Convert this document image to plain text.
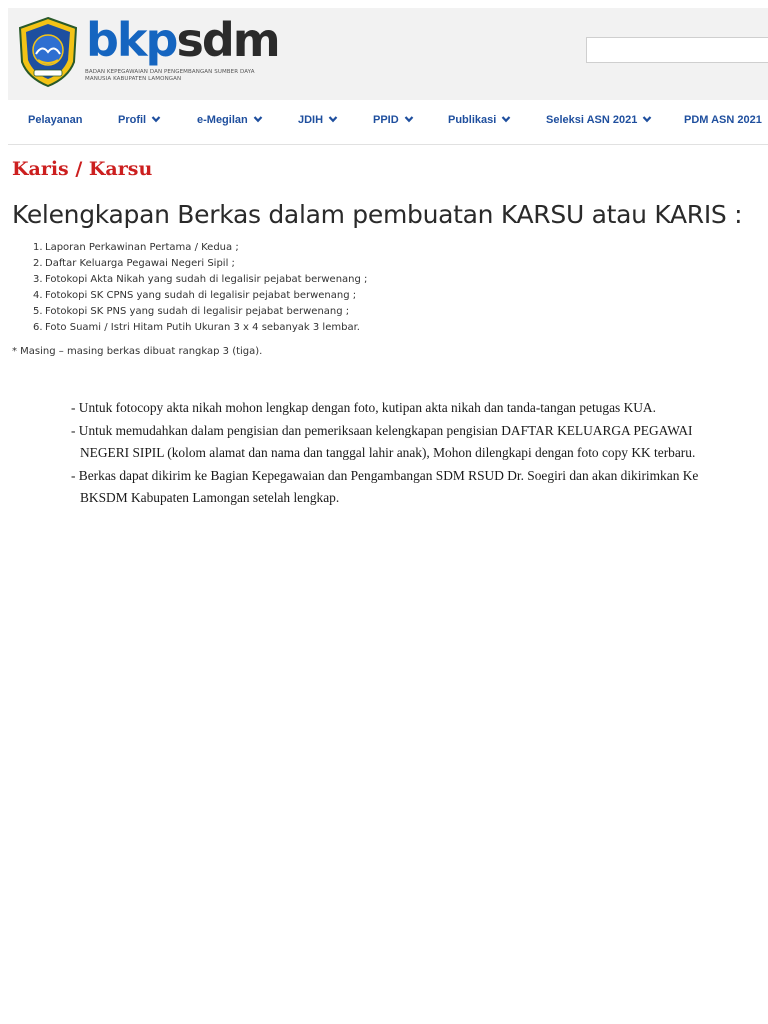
bkpsdm
BADAN KEPEGAWAIAN DAN PENGEMBANGAN SUMBER DAYA MANUSIA KABUPATEN LAMONGAN
Pelayanan	Profil	e-Megilan	JDIH	PPID	Publikasi	Seleksi ASN 2021	PDM ASN 2021
Karis / Karsu
Kelengkapan Berkas dalam pembuatan KARSU atau KARIS :
1. Laporan Perkawinan Pertama / Kedua ;
2. Daftar Keluarga Pegawai Negeri Sipil ;
3. Fotokopi Akta Nikah yang sudah di legalisir pejabat berwenang ;
4. Fotokopi SK CPNS yang sudah di legalisir pejabat berwenang ;
5. Fotokopi SK PNS yang sudah di legalisir pejabat berwenang ;
6. Foto Suami / Istri Hitam Putih Ukuran 3 x 4 sebanyak 3 lembar.
* Masing – masing berkas dibuat rangkap 3 (tiga).
- Untuk fotocopy akta nikah mohon lengkap dengan foto, kutipan akta nikah dan tanda-tangan petugas KUA.
- Untuk memudahkan dalam pengisian dan pemeriksaan kelengkapan pengisian DAFTAR KELUARGA PEGAWAI NEGERI SIPIL (kolom alamat dan nama dan tanggal lahir anak), Mohon dilengkapi dengan foto copy KK terbaru.
- Berkas dapat dikirim ke Bagian Kepegawaian dan Pengambangan SDM RSUD Dr. Soegiri dan akan dikirimkan Ke BKSDM Kabupaten Lamongan setelah lengkap.
